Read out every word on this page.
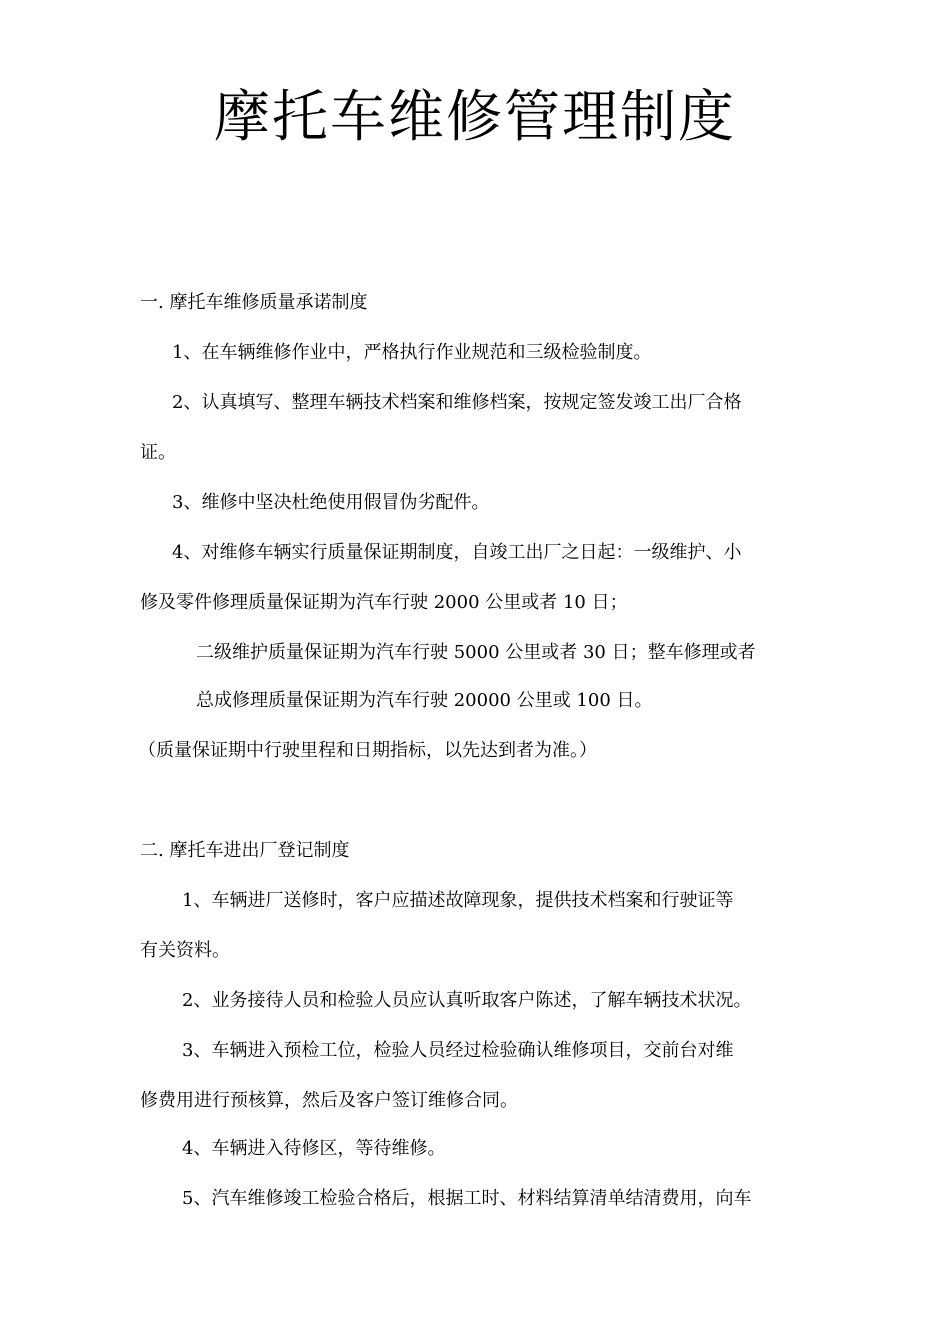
摩托车维修管理制度
一. 摩托车维修质量承诺制度
1、在车辆维修作业中，严格执行作业规范和三级检验制度。
2、认真填写、整理车辆技术档案和维修档案，按规定签发竣工出厂合格
证。
3、维修中坚决杜绝使用假冒伪劣配件。
4、对维修车辆实行质量保证期制度，自竣工出厂之日起：一级维护、小
修及零件修理质量保证期为汽车行驶 2000 公里或者 10 日；
二级维护质量保证期为汽车行驶 5000 公里或者 30 日；整车修理或者
总成修理质量保证期为汽车行驶 20000 公里或 100 日。
（质量保证期中行驶里程和日期指标，以先达到者为准。）
二. 摩托车进出厂登记制度
1、车辆进厂送修时，客户应描述故障现象，提供技术档案和行驶证等
有关资料。
2、业务接待人员和检验人员应认真听取客户陈述，了解车辆技术状况。
3、车辆进入预检工位，检验人员经过检验确认维修项目，交前台对维
修费用进行预核算，然后及客户签订维修合同。
4、车辆进入待修区，等待维修。
5、汽车维修竣工检验合格后，根据工时、材料结算清单结清费用，向车
